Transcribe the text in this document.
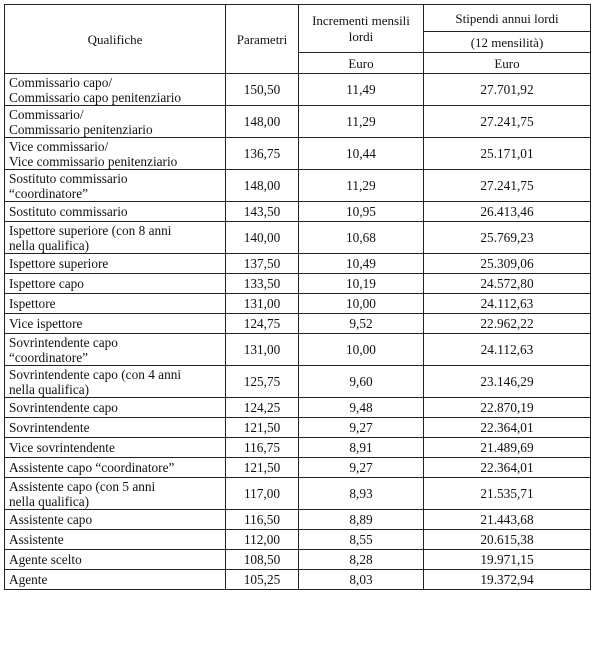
Qualifiche	Parametri	Incrementi mensili lordi	Stipendi annui lordi
			(12 mensilità)
		Euro	Euro

Commissario capo/
Commissario capo penitenziario	150,50	11,49	27.701,92

Commissario/
Commissario penitenziario	148,00	11,29	27.241,75

Vice commissario/
Vice commissario penitenziario	136,75	10,44	25.171,01

Sostituto commissario
“coordinatore”	148,00	11,29	27.241,75

Sostituto commissario	143,50	10,95	26.413,46

Ispettore superiore (con 8 anni
nella qualifica)	140,00	10,68	25.769,23

Ispettore superiore	137,50	10,49	25.309,06

Ispettore capo	133,50	10,19	24.572,80

Ispettore	131,00	10,00	24.112,63

Vice ispettore	124,75	9,52	22.962,22

Sovrintendente capo
“coordinatore”	131,00	10,00	24.112,63

Sovrintendente capo (con 4 anni
nella qualifica)	125,75	9,60	23.146,29

Sovrintendente capo	124,25	9,48	22.870,19

Sovrintendente	121,50	9,27	22.364,01

Vice sovrintendente	116,75	8,91	21.489,69

Assistente capo “coordinatore”	121,50	9,27	22.364,01

Assistente capo (con 5 anni
nella qualifica)	117,00	8,93	21.535,71

Assistente capo	116,50	8,89	21.443,68

Assistente	112,00	8,55	20.615,38

Agente scelto	108,50	8,28	19.971,15

Agente	105,25	8,03	19.372,94
